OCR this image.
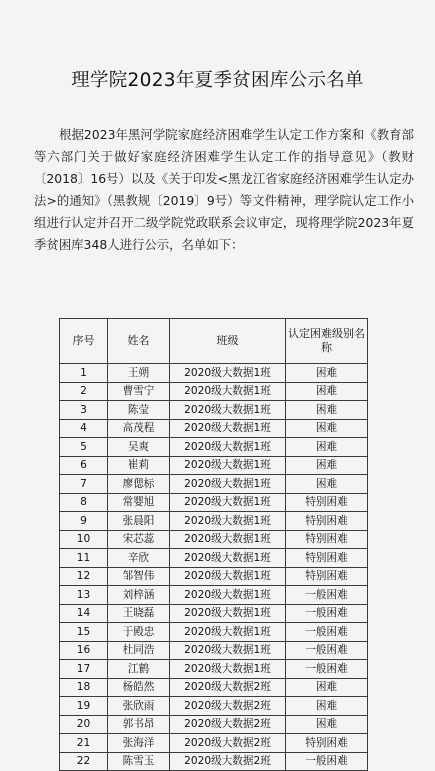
理学院2023年夏季贫困库公示名单
根据2023年黑河学院家庭经济困难学生认定工作方案和《教育部等六部门关于做好家庭经济困难学生认定工作的指导意见》（教财〔2018〕16号）以及《关于印发<黑龙江省家庭经济困难学生认定办法>的通知》（黑教规〔2019〕9号）等文件精神，理学院认定工作小组进行认定并召开二级学院党政联系会议审定，现将理学院2023年夏季贫困库348人进行公示，名单如下：
序号	姓名	班级	认定困难级别名称
1	王朔	2020级大数据1班	困难
2	曹雪宁	2020级大数据1班	困难
3	陈莹	2020级大数据1班	困难
4	高茂程	2020级大数据1班	困难
5	吴爽	2020级大数据1班	困难
6	崔莉	2020级大数据1班	困难
7	廖偲标	2020级大数据1班	困难
8	常婴旭	2020级大数据1班	特别困难
9	张晨阳	2020级大数据1班	特别困难
10	宋芯蕊	2020级大数据1班	特别困难
11	辛欣	2020级大数据1班	特别困难
12	邹智伟	2020级大数据1班	特别困难
13	刘梓涵	2020级大数据1班	一般困难
14	王晓磊	2020级大数据1班	一般困难
15	于殿忠	2020级大数据1班	一般困难
16	杜同浩	2020级大数据1班	一般困难
17	江鹤	2020级大数据1班	一般困难
18	杨皓然	2020级大数据2班	困难
19	张欣雨	2020级大数据2班	困难
20	郭书昂	2020级大数据2班	困难
21	张海洋	2020级大数据2班	特别困难
22	陈雪玉	2020级大数据2班	一般困难
